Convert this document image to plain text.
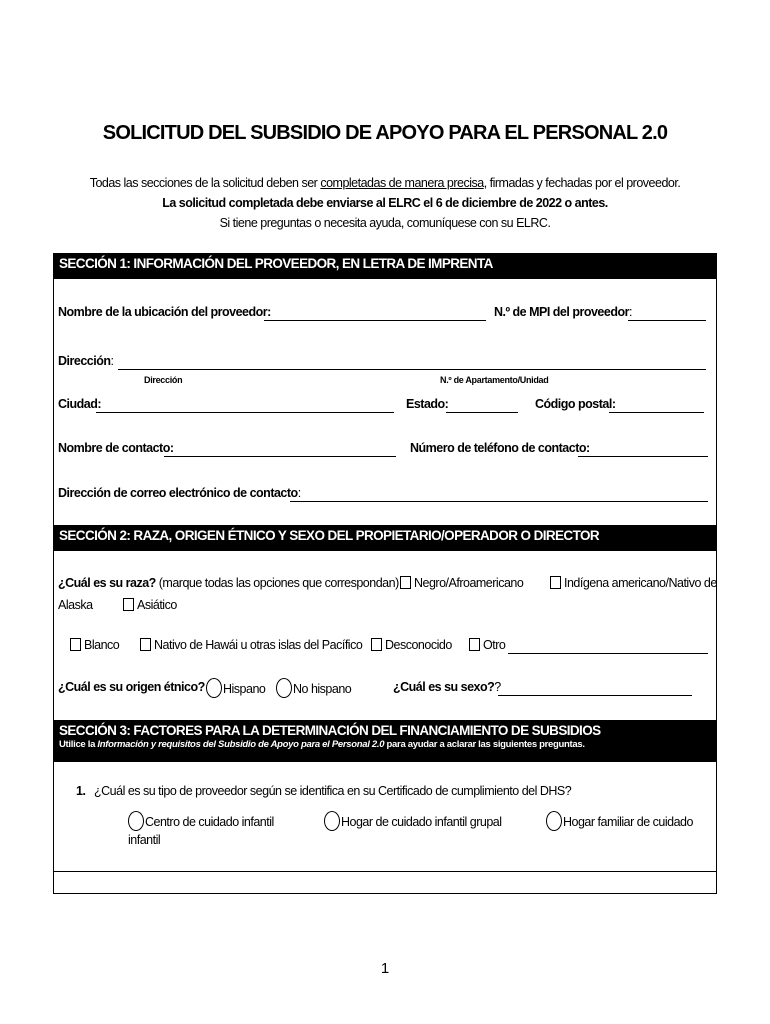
SOLICITUD DEL SUBSIDIO DE APOYO PARA EL PERSONAL 2.0
Todas las secciones de la solicitud deben ser completadas de manera precisa, firmadas y fechadas por el proveedor.
La solicitud completada debe enviarse al ELRC el 6 de diciembre de 2022 o antes.
Si tiene preguntas o necesita ayuda, comuníquese con su ELRC.
SECCIÓN 1: INFORMACIÓN DEL PROVEEDOR, EN LETRA DE IMPRENTA
Nombre de la ubicación del proveedor:	N.º de MPI del proveedor:
Dirección:
Dirección	N.º de Apartamento/Unidad
Ciudad:	Estado:	Código postal:
Nombre de contacto:	Número de teléfono de contacto:
Dirección de correo electrónico de contacto:
SECCIÓN 2: RAZA, ORIGEN ÉTNICO Y SEXO DEL PROPIETARIO/OPERADOR O DIRECTOR
¿Cuál es su raza? (marque todas las opciones que correspondan)	Negro/Afroamericano	Indígena americano/Nativo de
Alaska	Asiático
Blanco	Nativo de Hawái u otras islas del Pacífico	Desconocido	Otro
¿Cuál es su origen étnico?	Hispano	No hispano	¿Cuál es su sexo??
SECCIÓN 3: FACTORES PARA LA DETERMINACIÓN DEL FINANCIAMIENTO DE SUBSIDIOS
Utilice la Información y requisitos del Subsidio de Apoyo para el Personal 2.0 para ayudar a aclarar las siguientes preguntas.
1. ¿Cuál es su tipo de proveedor según se identifica en su Certificado de cumplimiento del DHS?
Centro de cuidado infantil
infantil
Hogar de cuidado infantil grupal	Hogar familiar de cuidado
1
